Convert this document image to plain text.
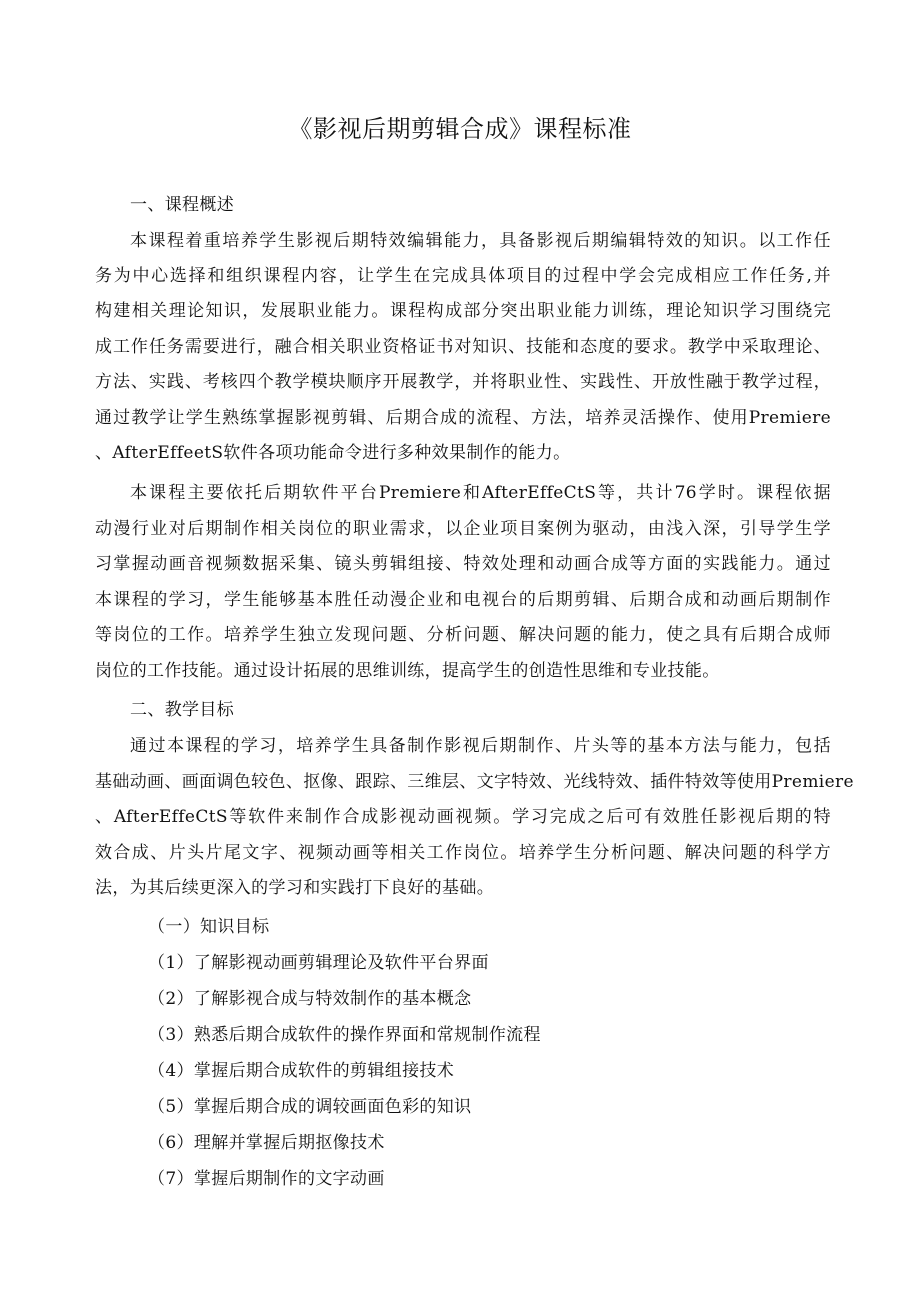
《影视后期剪辑合成》课程标准
一、课程概述
本课程着重培养学生影视后期特效编辑能力，具备影视后期编辑特效的知识。以工作任
务为中心选择和组织课程内容，让学生在完成具体项目的过程中学会完成相应工作任务,并
构建相关理论知识，发展职业能力。课程构成部分突出职业能力训练，理论知识学习围绕完
成工作任务需要进行，融合相关职业资格证书对知识、技能和态度的要求。教学中采取理论、
方法、实践、考核四个教学模块顺序开展教学，并将职业性、实践性、开放性融于教学过程，
通过教学让学生熟练掌握影视剪辑、后期合成的流程、方法，培养灵活操作、使用Premiere
、AfterEffeetS软件各项功能命令进行多种效果制作的能力。
本课程主要依托后期软件平台Premiere和AfterEffeCtS等，共计76学时。课程依据
动漫行业对后期制作相关岗位的职业需求，以企业项目案例为驱动，由浅入深，引导学生学
习掌握动画音视频数据采集、镜头剪辑组接、特效处理和动画合成等方面的实践能力。通过
本课程的学习，学生能够基本胜任动漫企业和电视台的后期剪辑、后期合成和动画后期制作
等岗位的工作。培养学生独立发现问题、分析问题、解决问题的能力，使之具有后期合成师
岗位的工作技能。通过设计拓展的思维训练，提高学生的创造性思维和专业技能。
二、教学目标
通过本课程的学习，培养学生具备制作影视后期制作、片头等的基本方法与能力，包括
基础动画、画面调色较色、抠像、跟踪、三维层、文字特效、光线特效、插件特效等使用Premiere
、AfterEffeCtS等软件来制作合成影视动画视频。学习完成之后可有效胜任影视后期的特
效合成、片头片尾文字、视频动画等相关工作岗位。培养学生分析问题、解决问题的科学方
法，为其后续更深入的学习和实践打下良好的基础。
（一）知识目标
（1）了解影视动画剪辑理论及软件平台界面
（2）了解影视合成与特效制作的基本概念
（3）熟悉后期合成软件的操作界面和常规制作流程
（4）掌握后期合成软件的剪辑组接技术
（5）掌握后期合成的调较画面色彩的知识
（6）理解并掌握后期抠像技术
（7）掌握后期制作的文字动画
